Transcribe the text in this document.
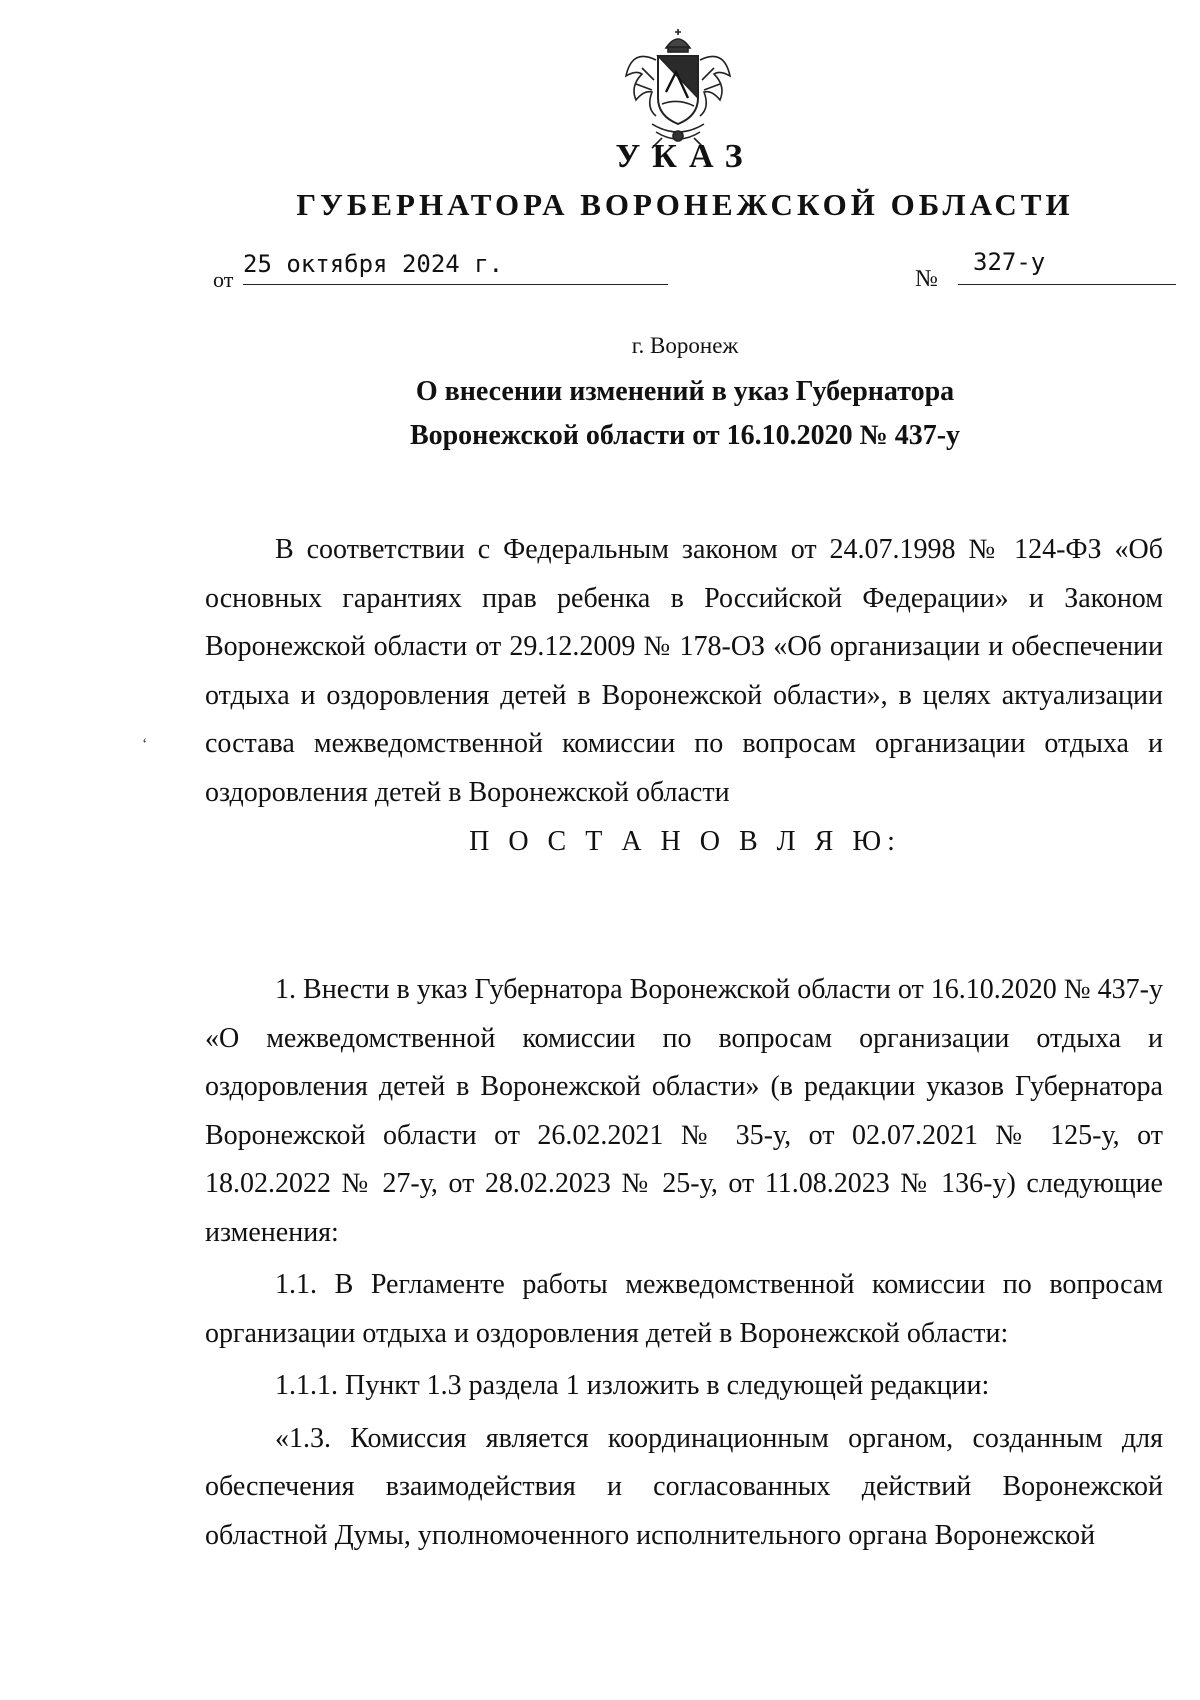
УКАЗ
ГУБЕРНАТОРА ВОРОНЕЖСКОЙ ОБЛАСТИ
от
25 октября 2024 г.
№
327-у
г. Воронеж
О внесении изменений в указ Губернатора
Воронежской области от 16.10.2020 № 437-у

В соответствии с Федеральным законом от 24.07.1998 № 124-ФЗ «Об основных гарантиях прав ребенка в Российской Федерации» и Законом Воронежской области от 29.12.2009 № 178-ОЗ «Об организации и обеспечении отдыха и оздоровления детей в Воронежской области», в целях актуализации состава межведомственной комиссии по вопросам организации отдыха и оздоровления детей в Воронежской области

ʻ
П О С Т А Н О В Л Я Ю:

1. Внести в указ Губернатора Воронежской области от 16.10.2020 № 437-у «О межведомственной комиссии по вопросам организации отдыха и оздоровления детей в Воронежской области» (в редакции указов Губернатора Воронежской области от 26.02.2021 № 35-у, от 02.07.2021 № 125-у, от 18.02.2022 № 27-у, от 28.02.2023 № 25-у, от 11.08.2023 № 136-у) следующие изменения:

1.1. В Регламенте работы межведомственной комиссии по вопросам организации отдыха и оздоровления детей в Воронежской области:

1.1.1. Пункт 1.3 раздела 1 изложить в следующей редакции:

«1.3. Комиссия является координационным органом, созданным для обеспечения взаимодействия и согласованных действий Воронежской областной Думы, уполномоченного исполнительного органа Воронежской
